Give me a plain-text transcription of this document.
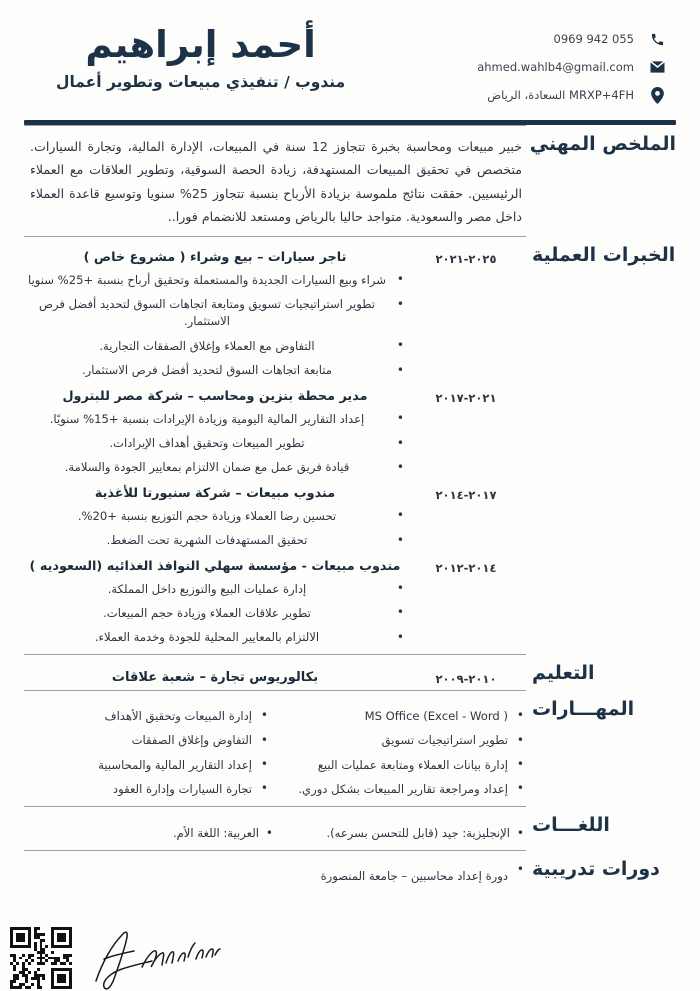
أحمد إبراهيم
مندوب / تنفيذي مبيعات وتطوير أعمال
055 942 0969
ahmed.wahlb4@gmail.com
MRXP+4FH السعادة، الرياض
الملخص المهني
خبير مبيعات ومحاسبة بخبرة تتجاوز 12 سنة في المبيعات، الإدارة المالية، وتجارة السيارات. متخصص في تحقيق المبيعات المستهدفة، زيادة الحصة السوقية، وتطوير العلاقات مع العملاء الرئيسيين. حققت نتائج ملموسة بزيادة الأرباح بنسبة تتجاوز 25% سنويا وتوسيع قاعدة العملاء داخل مصر والسعودية. متواجد حاليا بالرياض ومستعد للانضمام فورا..
الخبرات العملية
٢٠٢٥-٢٠٢١
تاجر سيارات – بيع وشراء ( مشروع خاص )
• شراء وبيع السيارات الجديدة والمستعملة وتحقيق أرباح بنسبة +25% سنويا
• تطوير استراتيجيات تسويق ومتابعة اتجاهات السوق لتحديد أفضل فرص الاستثمار.
• التفاوض مع العملاء وإغلاق الصفقات التجارية.
• متابعة اتجاهات السوق لتحديد أفضل فرص الاستثمار.
٢٠٢١-٢٠١٧
مدير محطة بنزين ومحاسب – شركة مصر للبترول
• إعداد التقارير المالية اليومية وزيادة الإيرادات بنسبة +15% سنويًا.
• تطوير المبيعات وتحقيق أهداف الإيرادات.
• قيادة فريق عمل مع ضمان الالتزام بمعايير الجودة والسلامة.
٢٠١٧-٢٠١٤
مندوب مبيعات – شركة سنيورتا للأغذية
• تحسين رضا العملاء وزيادة حجم التوزيع بنسبة +20%.
• تحقيق المستهدفات الشهرية تحت الضغط.
٢٠١٤-٢٠١٢
مندوب مبيعات - مؤسسة سهلي النوافذ الغذائيه (السعوديه )
• إدارة عمليات البيع والتوزيع داخل المملكة.
• تطوير علاقات العملاء وزيادة حجم المبيعات.
• الالتزام بالمعايير المحلية للجودة وخدمة العملاء.
التعليم
٢٠١٠-٢٠٠٩
بكالوريوس تجارة – شعبة علاقات
المهـــارات
• MS Office (Excel - Word )
• تطوير استراتيجيات تسويق
• إدارة بيانات العملاء ومتابعة عمليات البيع
• إعداد ومراجعة تقارير المبيعات بشكل دوري.
• إدارة المبيعات وتحقيق الأهداف
• التفاوض وإغلاق الصفقات
• إعداد التقارير المالية والمحاسبية
• تجارة السيارات وإدارة العقود
اللغـــات
• الإنجليزية: جيد (قابل للتحسن بسرعه).
• العربية: اللغة الأم.
دورات تدريبية
• دورة إعداد محاسبين – جامعة المنصورة
